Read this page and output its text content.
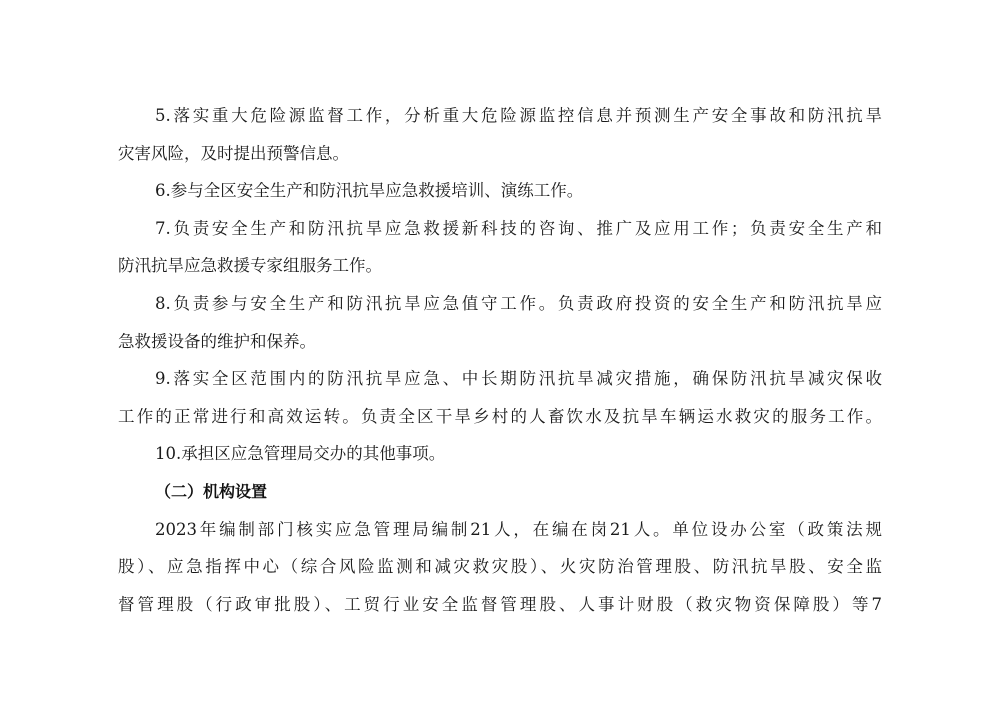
5.落实重大危险源监督工作，分析重大危险源监控信息并预测生产安全事故和防汛抗旱
灾害风险，及时提出预警信息。
6.参与全区安全生产和防汛抗旱应急救援培训、演练工作。
7.负责安全生产和防汛抗旱应急救援新科技的咨询、推广及应用工作；负责安全生产和
防汛抗旱应急救援专家组服务工作。
8.负责参与安全生产和防汛抗旱应急值守工作。负责政府投资的安全生产和防汛抗旱应
急救援设备的维护和保养。
9.落实全区范围内的防汛抗旱应急、中长期防汛抗旱减灾措施，确保防汛抗旱减灾保收
工作的正常进行和高效运转。负责全区干旱乡村的人畜饮水及抗旱车辆运水救灾的服务工作。
10.承担区应急管理局交办的其他事项。
（二）机构设置
2023年编制部门核实应急管理局编制21人，在编在岗21人。单位设办公室（政策法规
股）、应急指挥中心（综合风险监测和减灾救灾股）、火灾防治管理股、防汛抗旱股、安全监
督管理股（行政审批股）、工贸行业安全监督管理股、人事计财股（救灾物资保障股）等7
